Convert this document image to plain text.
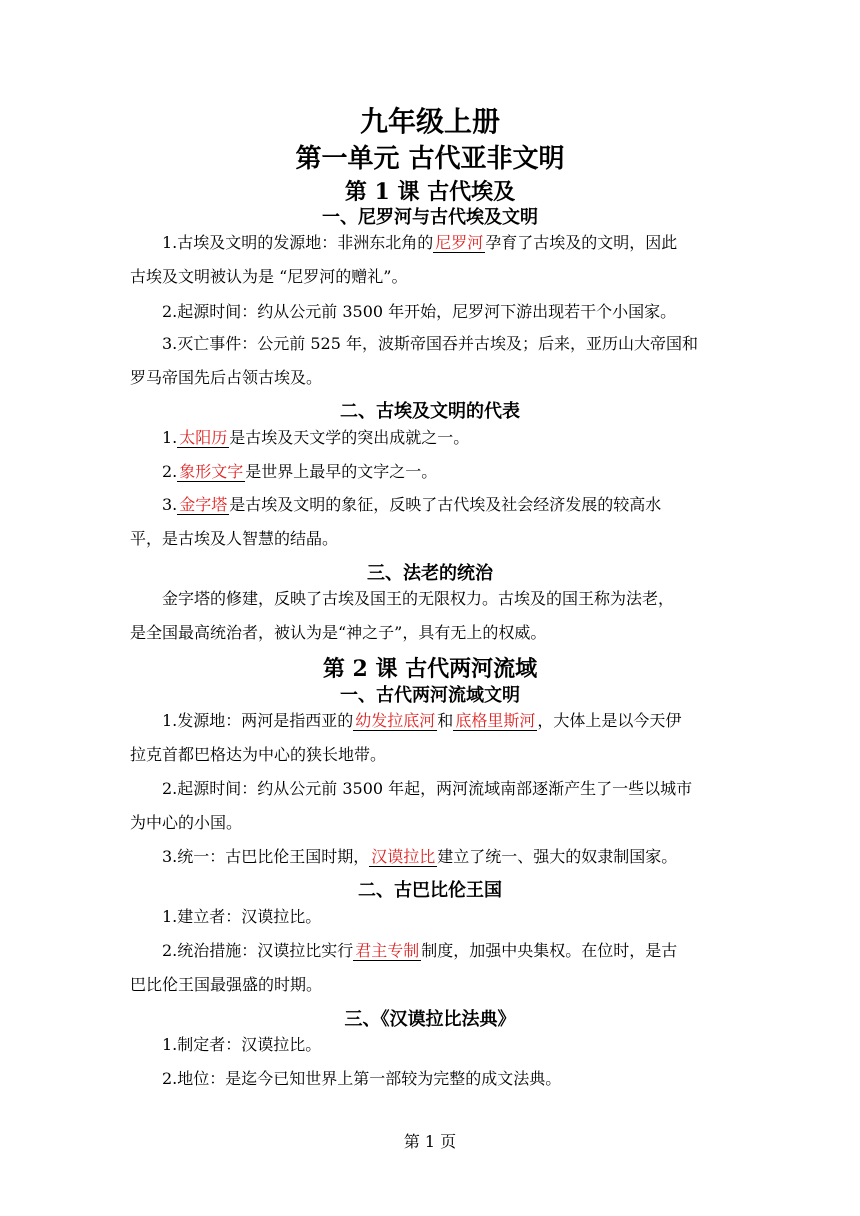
九年级上册
第一单元 古代亚非文明
第 1 课 古代埃及
一、尼罗河与古代埃及文明
1.古埃及文明的发源地：非洲东北角的 尼罗河 孕育了古埃及的文明，因此
古埃及文明被认为是 “尼罗河的赠礼”。
2.起源时间：约从公元前 3500 年开始，尼罗河下游出现若干个小国家。
3.灭亡事件：公元前 525 年，波斯帝国吞并古埃及；后来，亚历山大帝国和
罗马帝国先后占领古埃及。
二、古埃及文明的代表
1. 太阳历 是古埃及天文学的突出成就之一。
2. 象形文字 是世界上最早的文字之一。
3. 金字塔 是古埃及文明的象征，反映了古代埃及社会经济发展的较高水
平，是古埃及人智慧的结晶。
三、法老的统治
金字塔的修建，反映了古埃及国王的无限权力。古埃及的国王称为法老，
是全国最高统治者，被认为是“神之子”，具有无上的权威。
第 2 课 古代两河流域
一、古代两河流域文明
1.发源地：两河是指西亚的 幼发拉底河 和 底格里斯河 ，大体上是以今天伊
拉克首都巴格达为中心的狭长地带。
2.起源时间：约从公元前 3500 年起，两河流域南部逐渐产生了一些以城市
为中心的小国。
3.统一：古巴比伦王国时期， 汉谟拉比 建立了统一、强大的奴隶制国家。
二、古巴比伦王国
1.建立者：汉谟拉比。
2.统治措施：汉谟拉比实行 君主专制 制度，加强中央集权。在位时，是古
巴比伦王国最强盛的时期。
三、《汉谟拉比法典》
1.制定者：汉谟拉比。
2.地位：是迄今已知世界上第一部较为完整的成文法典。
第 1 页
